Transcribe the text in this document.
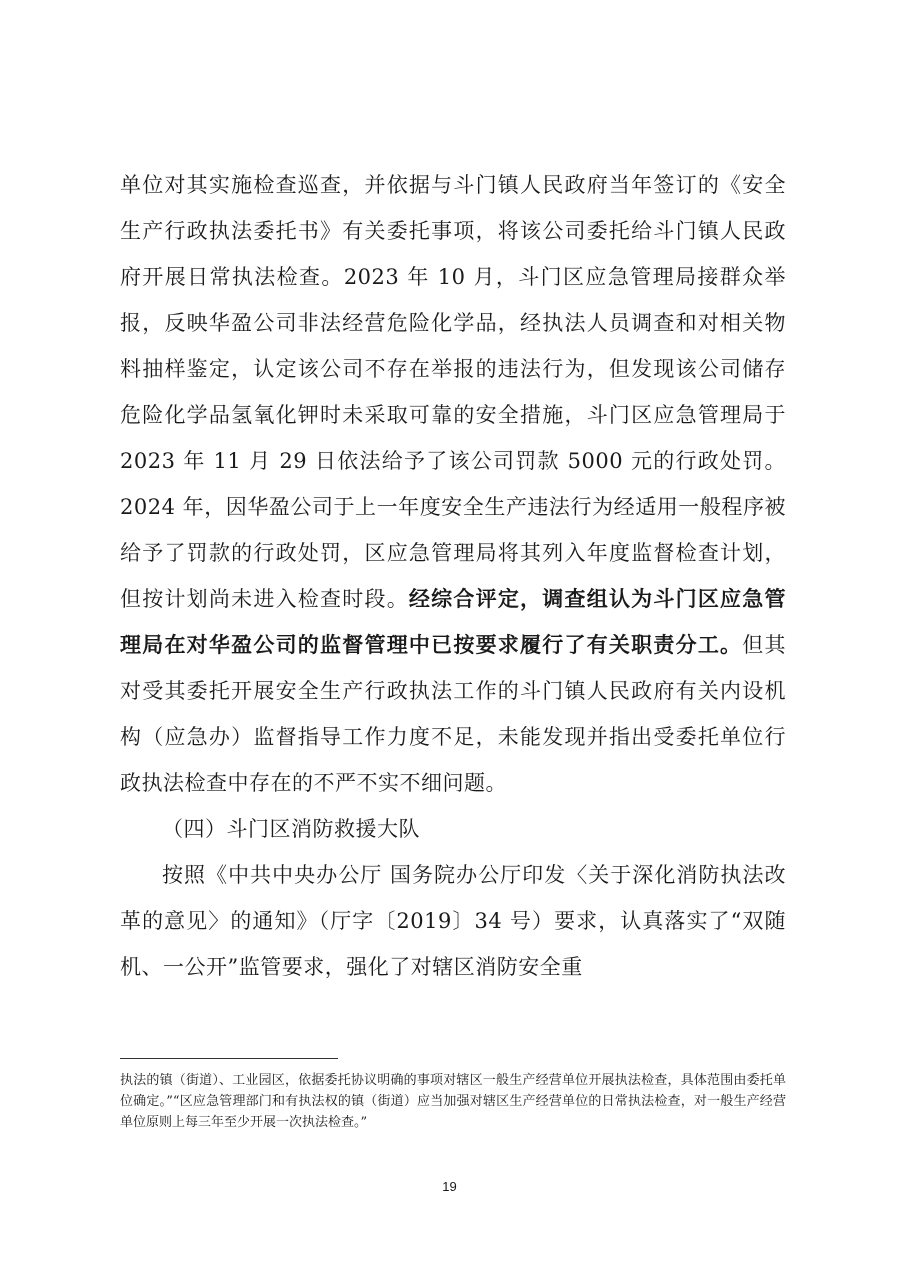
单位对其实施检查巡查，并依据与斗门镇人民政府当年签订的《安全生产行政执法委托书》有关委托事项，将该公司委托给斗门镇人民政府开展日常执法检查。2023 年 10 月，斗门区应急管理局接群众举报，反映华盈公司非法经营危险化学品，经执法人员调查和对相关物料抽样鉴定，认定该公司不存在举报的违法行为，但发现该公司储存危险化学品氢氧化钾时未采取可靠的安全措施，斗门区应急管理局于 2023 年 11 月 29 日依法给予了该公司罚款 5000 元的行政处罚。2024 年，因华盈公司于上一年度安全生产违法行为经适用一般程序被给予了罚款的行政处罚，区应急管理局将其列入年度监督检查计划，但按计划尚未进入检查时段。经综合评定，调查组认为斗门区应急管理局在对华盈公司的监督管理中已按要求履行了有关职责分工。但其对受其委托开展安全生产行政执法工作的斗门镇人民政府有关内设机构（应急办）监督指导工作力度不足，未能发现并指出受委托单位行政执法检查中存在的不严不实不细问题。

（四）斗门区消防救援大队

按照《中共中央办公厅 国务院办公厅印发〈关于深化消防执法改革的意见〉的通知》（厅字〔2019〕34 号）要求，认真落实了“双随机、一公开”监管要求，强化了对辖区消防安全重

执法的镇（街道）、工业园区，依据委托协议明确的事项对辖区一般生产经营单位开展执法检查，具体范围由委托单位确定。”“区应急管理部门和有执法权的镇（街道）应当加强对辖区生产经营单位的日常执法检查，对一般生产经营单位原则上每三年至少开展一次执法检查。”

19
